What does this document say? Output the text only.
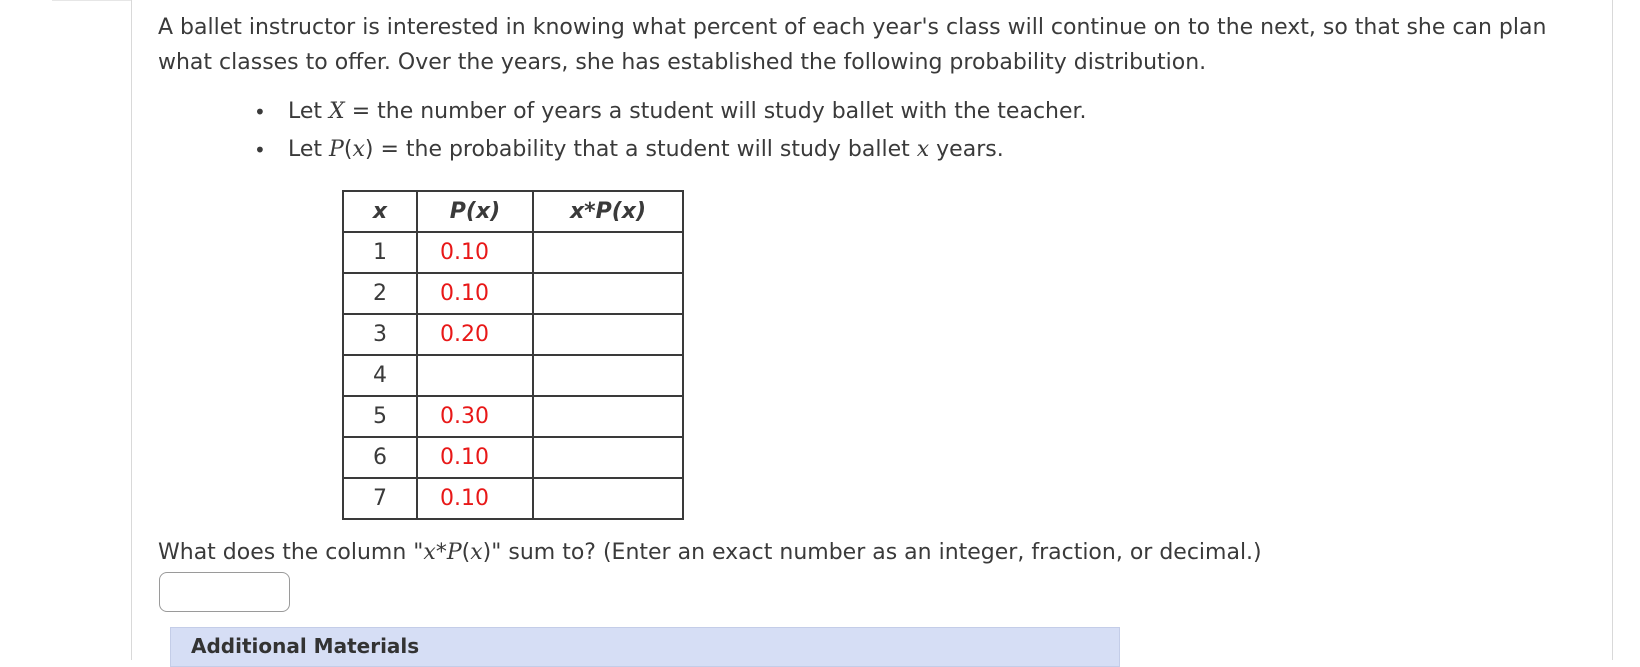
A ballet instructor is interested in knowing what percent of each year's class will continue on to the next, so that she can plan what classes to offer. Over the years, she has established the following probability distribution.
• Let X = the number of years a student will study ballet with the teacher.
• Let P(x) = the probability that a student will study ballet x years.
x	P(x)	x*P(x)
1	0.10	
2	0.10	
3	0.20	
4		
5	0.30	
6	0.10	
7	0.10	
What does the column "x*P(x)" sum to? (Enter an exact number as an integer, fraction, or decimal.)
Additional Materials
